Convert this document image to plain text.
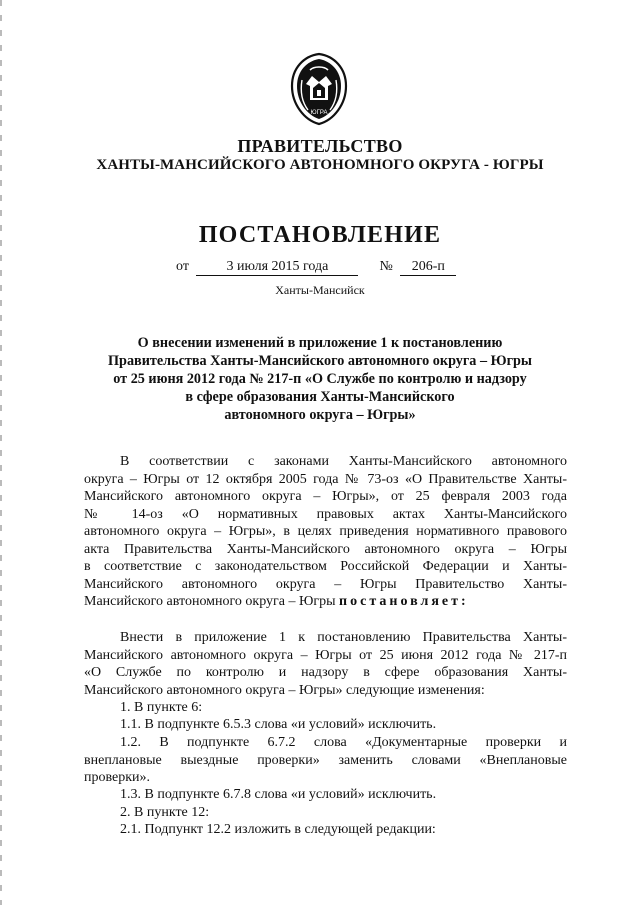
ЮГРА
ПРАВИТЕЛЬСТВО
ХАНТЫ-МАНСИЙСКОГО АВТОНОМНОГО ОКРУГА - ЮГРЫ
ПОСТАНОВЛЕНИЕ
от	3 июля 2015 года	№ 206-п
Ханты-Мансийск
О внесении изменений в приложение 1 к постановлению
Правительства Ханты-Мансийского автономного округа – Югры
от 25 июня 2012 года № 217-п «О Службе по контролю и надзору
в сфере образования Ханты-Мансийского
автономного округа – Югры»
В соответствии с законами Ханты-Мансийского автономного
округа – Югры от 12 октября 2005 года № 73-оз «О Правительстве Ханты-
Мансийского автономного округа – Югры», от 25 февраля 2003 года
№ 14-оз «О нормативных правовых актах Ханты-Мансийского
автономного округа – Югры», в целях приведения нормативного правового
акта Правительства Ханты-Мансийского автономного округа – Югры
в соответствие с законодательством Российской Федерации и Ханты-
Мансийского автономного округа – Югры Правительство Ханты-
Мансийского автономного округа – Югры постановляет:
Внести в приложение 1 к постановлению Правительства Ханты-
Мансийского автономного округа – Югры от 25 июня 2012 года № 217-п
«О Службе по контролю и надзору в сфере образования Ханты-
Мансийского автономного округа – Югры» следующие изменения:
1. В пункте 6:
1.1. В подпункте 6.5.3 слова «и условий» исключить.
1.2. В подпункте 6.7.2 слова «Документарные проверки и
внеплановые выездные проверки» заменить словами «Внеплановые
проверки».
1.3. В подпункте 6.7.8 слова «и условий» исключить.
2. В пункте 12:
2.1. Подпункт 12.2 изложить в следующей редакции:
